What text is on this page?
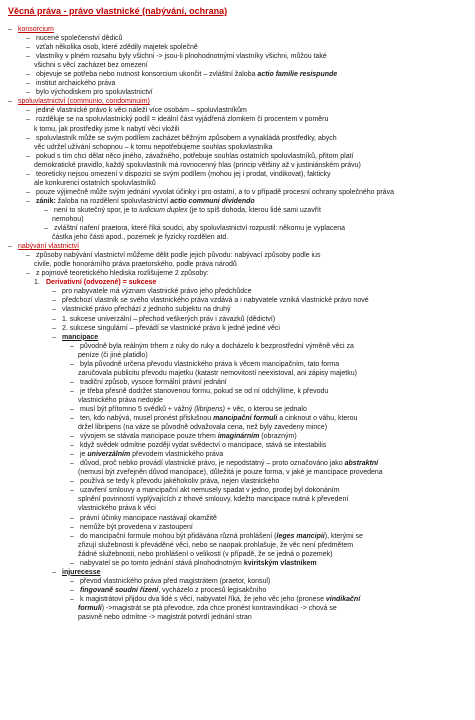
Věcná práva - právo vlastnické (nabývání, ochrana)
– konsorcium
– nucené společenství dědiců
– vzťah několika osob, které zdědily majetek společně
– vlastníky v plném rozsahu byly všichni -> jsou-li plnohodnotnými vlastníky všichni, můžou také
všichni s věcí zacházet bez omezení
– objevuje se potřeba nebo nutnost konsorcium ukončit – zvláštní žaloba actio familie resispunde
– institut archaického práva
– bylo východiskem pro spoluvlastnictví
– spoluvlastnictví (communio, condominuim)
– jediné vlastnické právo k věci náleží více osobám – spoluvlastníkům
– rozděluje se na spoluvlastnický podíl = ideální část vyjádřená zlomkem či procentem v poměru
k tomu, jak prostředky jsme k nabytí věci vložili
– spoluvlastník může se svým podílem zacházet běžným způsobem a vynakládá prostředky, abych
věc udržel užívání schopnou – k tomu nepotřebujeme souhlas spoluvlastníka
– pokud s tím chci dělat něco jiného, závažného, potřebuje souhlas ostatních spoluvlastníků, přitom platí
demokratické pravidlo, každý spoluvlastník má rovnocenný hlas (princip většiny až v justiniánském právu)
– teoreticky nejsou omezení v dispozici se svým podílem (mohou jej i prodat, vindikovat), fakticky
ale konkurenci ostatních spoluvlastníků
– pouze výjimečně může svým jednání vyvolat účinky i pro ostatní, a to v případě procesní ochrany společného práva
– zánik: žaloba na rozdělení spoluvlastnictví actio communi dividendo
– není to skutečný spor, je to iudicium duplex (je to spíš dohoda, kterou lidé sami uzavřít
nemohou)
– zvláštní naření praetora, které říká soudci, aby spoluvlastnictví rozpustil: někomu je vyplacena
částka jeho části apod., pozemek je fyzicky rozdělen atd.
– nabývání vlastnictví
– způsoby nabývání vlastnictví můžeme dělit podle jejich původu: nabývací způsoby podle ius
civile, podle honorárního práva praetorského, podle práva národů
– z pojmově teoretického hlediska rozlišujeme 2 způsoby:
1. Derivativní (odvozené) = sukcese
– pro nabyvatele má význam vlastnické právo jeho předchůdce
– předchozí vlastník se svého vlastnického práva vzdává a i nabyvatele vzniká vlastnické právo nové
– vlastnické právo přechází z jednoho subjektu na druhý
– 1. sukcese univerzální – přechod veškerých práv i závazků (dědictví)
– 2. sukcese singulární – převádí se vlastnické právo k jedné jediné věci
– mancipace
– původně byla reálným trhem z ruky do ruky a docházelo k bezprostřední výměně věci za
peníze (či jiné platidlo)
– byla původně určena převodu vlastnického práva k věcem mancipačním, tato forma
zaručovala publicitu převodu majetku (katastr nemovitostí neexistoval, ani zápisy majetku)
– tradiční způsob, vysoce formální právní jednání
– je třeba přesně dodržet stanovenou formu, pokud se od ní odchýlíme, k převodu
vlastnického práva nedojde
– musí být přítomno 5 svědků + vážný (libripens) + věc, o kterou se jednalo
– ten, kdo nabývá, musel pronést přislušnou mancipační formuli a cinknout o váhu, kterou
držel libripens (na váze se původně odvažovala cena, než byly zavedeny mince)
– vývojem se stávala mancipace pouze trhem imaginárním (obrazným)
– když svědek odmítne později vydat svědectví o mancipace, stává se intestabilis
– je univerzálním převodem vlastnického práva
– důvod, proč nebko provádí vlastnické právo, je nepodstatný – proto označováno jako abstraktní
(nemusí být zveřejněn důvod mancipace), důležitá je pouze forma, v jaké je mancipace provedena
– používá se tedy k převodu jakéhokoliv práva, nejen vlastnického
– uzavření smlouvy a mancipační akt nemusely spadat v jedno, prodej byl dokonáním
splnění povinností vyplývajících z trhové smlouvy, kdežto mancipace nutná k převedení
vlastnického práva k věci
– právní účinky mancipace nastávají okamžitě
– nemůže být provedena v zastoupení
– do mancipační formule mohou být přidávána různá prohlášení (leges mancipii), kterými se
zřizují služebnosti k převáděné věci, nebo se naopak prohlašuje, že věc není předmětem
žádné služebnosti, nebo prohlášení o velikosti (v případě, že se jedná o pozemek)
– nabyvatel se po tomto jednání stává plnohodnotným kviritským vlastníkem
– injurecesse
– převod vlastnického práva před magistrátem (praetor, konsul)
– fingovaně soudní řízení, vycházelo z procesů legisakčního
– k magistrátovi přijdou dva lidé s věcí, nabyvatel říká, že jeho věc jeho (pronese vindikační
formuli) ->magistrát se ptá převodce, zda chce pronést kontravindikaci -> chová se
pasivně nebo odmítne -> magistrát potvrdí jednání stran
